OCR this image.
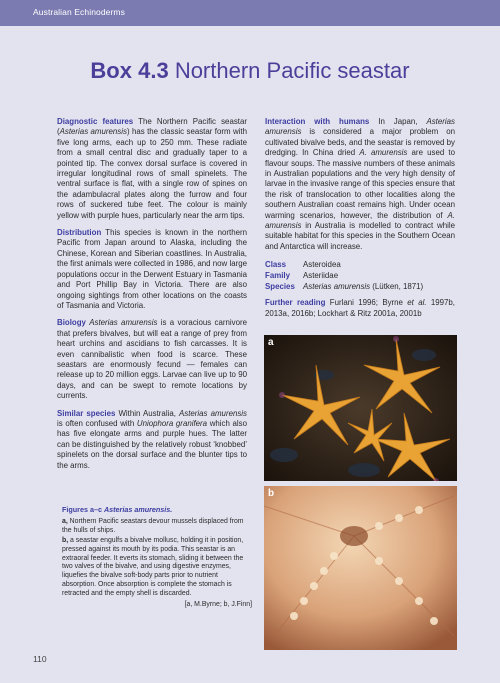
Australian Echinoderms
Box 4.3 Northern Pacific seastar

Diagnostic features The Northern Pacific seastar (Asterias amurensis) has the classic seastar form with five long arms, each up to 250 mm. These radiate from a small central disc and gradually taper to a pointed tip. The convex dorsal surface is covered in irregular longitudinal rows of small spinelets. The ventral surface is flat, with a single row of spines on the adambulacral plates along the furrow and four rows of suckered tube feet. The colour is mainly yellow with purple hues, particularly near the arm tips.

Distribution This species is known in the northern Pacific from Japan around to Alaska, including the Chinese, Korean and Siberian coastlines. In Australia, the first animals were collected in 1986, and now large populations occur in the Derwent Estuary in Tasmania and Port Phillip Bay in Victoria. There are also ongoing sightings from other locations on the coasts of Tasmania and Victoria.

Biology Asterias amurensis is a voracious carnivore that prefers bivalves, but will eat a range of prey from heart urchins and ascidians to fish carcasses. It is even cannibalistic when food is scarce. These seastars are enormously fecund — females can release up to 20 million eggs. Larvae can live up to 90 days, and can be swept to remote locations by currents.

Similar species Within Australia, Asterias amurensis is often confused with Uniophora granifera which also has five elongate arms and purple hues. The latter can be distinguished by the relatively robust ‘knobbed’ spinelets on the dorsal surface and the blunter tips to the arms.

Interaction with humans In Japan, Asterias amurensis is considered a major problem on cultivated bivalve beds, and the seastar is removed by dredging. In China dried A. amurensis are used to flavour soups. The massive numbers of these animals in Australian populations and the very high density of larvae in the invasive range of this species ensure that the risk of translocation to other localities along the southern Australian coast remains high. Under ocean warming scenarios, however, the distribution of A. amurensis in Australia is modelled to contract while suitable habitat for this species in the Southern Ocean and Antarctica will increase.

Class	Asteroidea
Family	Asteriidae
Species	Asterias amurensis (Lütken, 1871)

Further reading Furlani 1996; Byrne et al. 1997b, 2013a, 2016b; Lockhart & Ritz 2001a, 2001b

a
b
Figures a–c Asterias amurensis.

a, Northern Pacific seastars devour mussels displaced from the hulls of ships.

b, a seastar engulfs a bivalve mollusc, holding it in position, pressed against its mouth by its podia. This seastar is an extraoral feeder. It everts its stomach, sliding it between the two valves of the bivalve, and using digestive enzymes, liquefies the bivalve soft-body parts prior to nutrient absorption. Once absorption is complete the stomach is retracted and the empty shell is discarded.

[a, M.Byrne; b, J.Finn]
110
